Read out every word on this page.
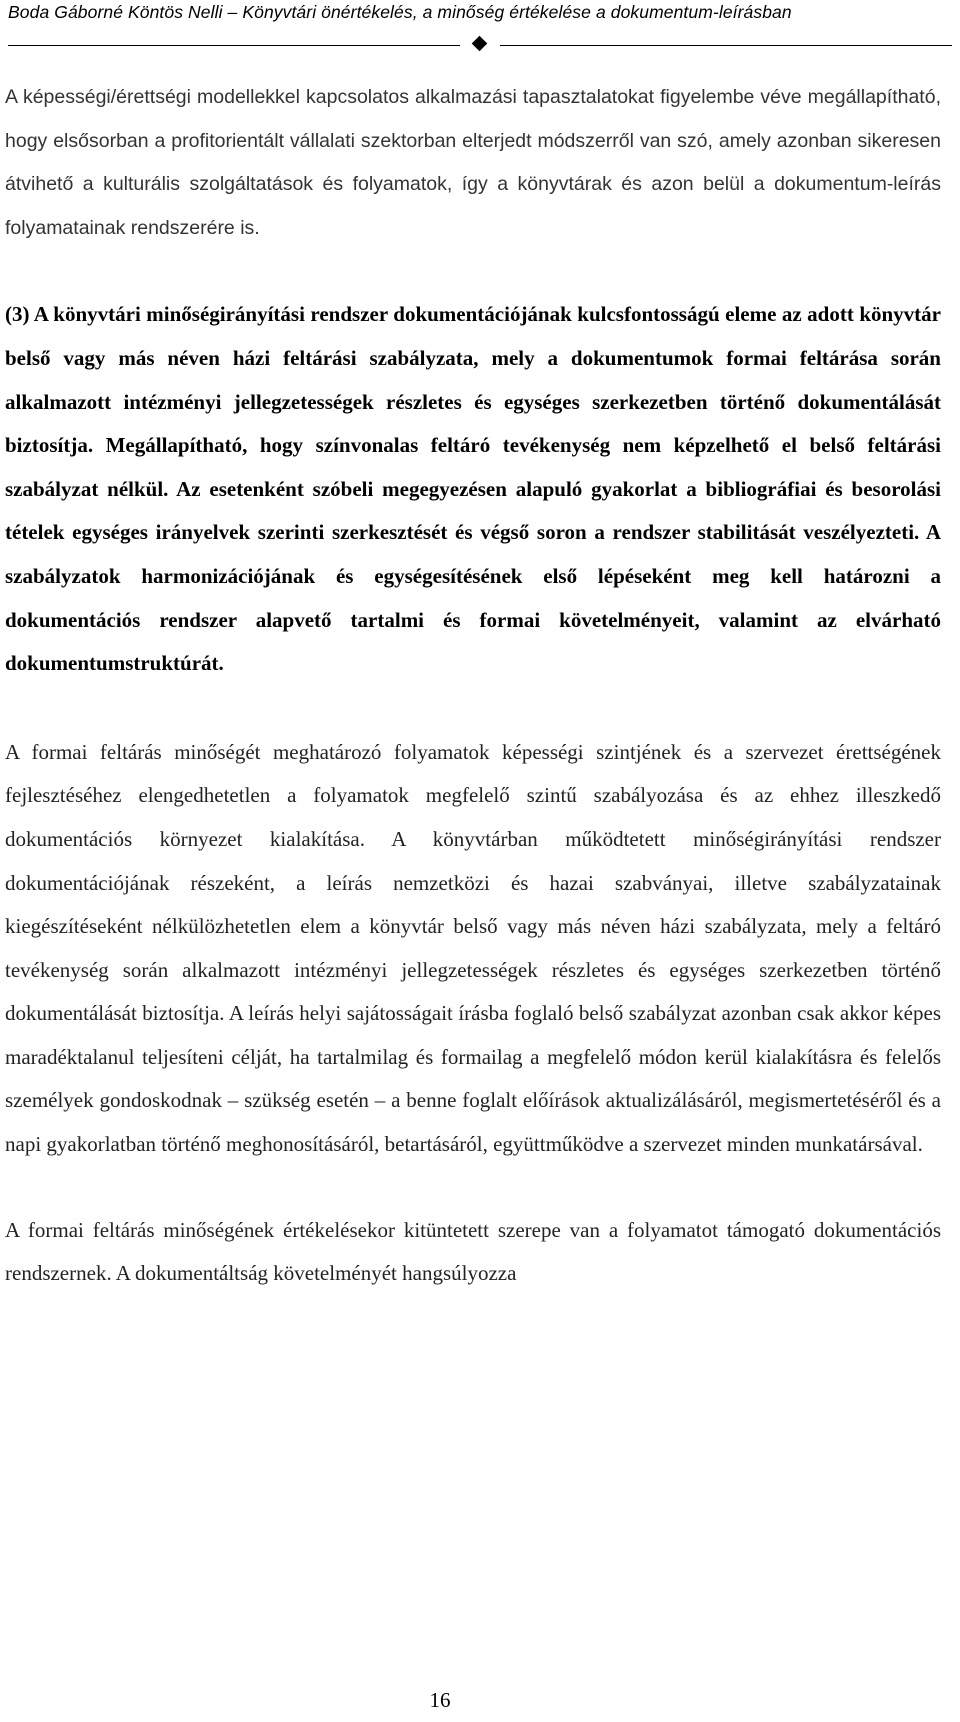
Boda Gáborné Köntös Nelli – Könyvtári önértékelés, a minőség értékelése a dokumentum-leírásban

A képességi/érettségi modellekkel kapcsolatos alkalmazási tapasztalatokat figyelembe véve megállapítható, hogy elsősorban a profitorientált vállalati szektorban elterjedt módszerről van szó, amely azonban sikeresen átvihető a kulturális szolgáltatások és folyamatok, így a könyvtárak és azon belül a dokumentum-leírás folyamatainak rendszerére is.

(3) A könyvtári minőségirányítási rendszer dokumentációjának kulcsfontosságú eleme az adott könyvtár belső vagy más néven házi feltárási szabályzata, mely a dokumentumok formai feltárása során alkalmazott intézményi jellegzetességek részletes és egységes szerkezetben történő dokumentálását biztosítja. Megállapítható, hogy színvonalas feltáró tevékenység nem képzelhető el belső feltárási szabályzat nélkül. Az esetenként szóbeli megegyezésen alapuló gyakorlat a bibliográfiai és besorolási tételek egységes irányelvek szerinti szerkesztését és végső soron a rendszer stabilitását veszélyezteti. A szabályzatok harmonizációjának és egységesítésének első lépéseként meg kell határozni a dokumentációs rendszer alapvető tartalmi és formai követelményeit, valamint az elvárható dokumentumstruktúrát.

A formai feltárás minőségét meghatározó folyamatok képességi szintjének és a szervezet érettségének fejlesztéséhez elengedhetetlen a folyamatok megfelelő szintű szabályozása és az ehhez illeszkedő dokumentációs környezet kialakítása. A könyvtárban működtetett minőségirányítási rendszer dokumentációjának részeként, a leírás nemzetközi és hazai szabványai, illetve szabályzatainak kiegészítéseként nélkülözhetetlen elem a könyvtár belső vagy más néven házi szabályzata, mely a feltáró tevékenység során alkalmazott intézményi jellegzetességek részletes és egységes szerkezetben történő dokumentálását biztosítja. A leírás helyi sajátosságait írásba foglaló belső szabályzat azonban csak akkor képes maradéktalanul teljesíteni célját, ha tartalmilag és formailag a megfelelő módon kerül kialakításra és felelős személyek gondoskodnak – szükség esetén – a benne foglalt előírások aktualizálásáról, megismertetéséről és a napi gyakorlatban történő meghonosításáról, betartásáról, együttműködve a szervezet minden munkatársával.

A formai feltárás minőségének értékelésekor kitüntetett szerepe van a folyamatot támogató dokumentációs rendszernek. A dokumentáltság követelményét hangsúlyozza

16
